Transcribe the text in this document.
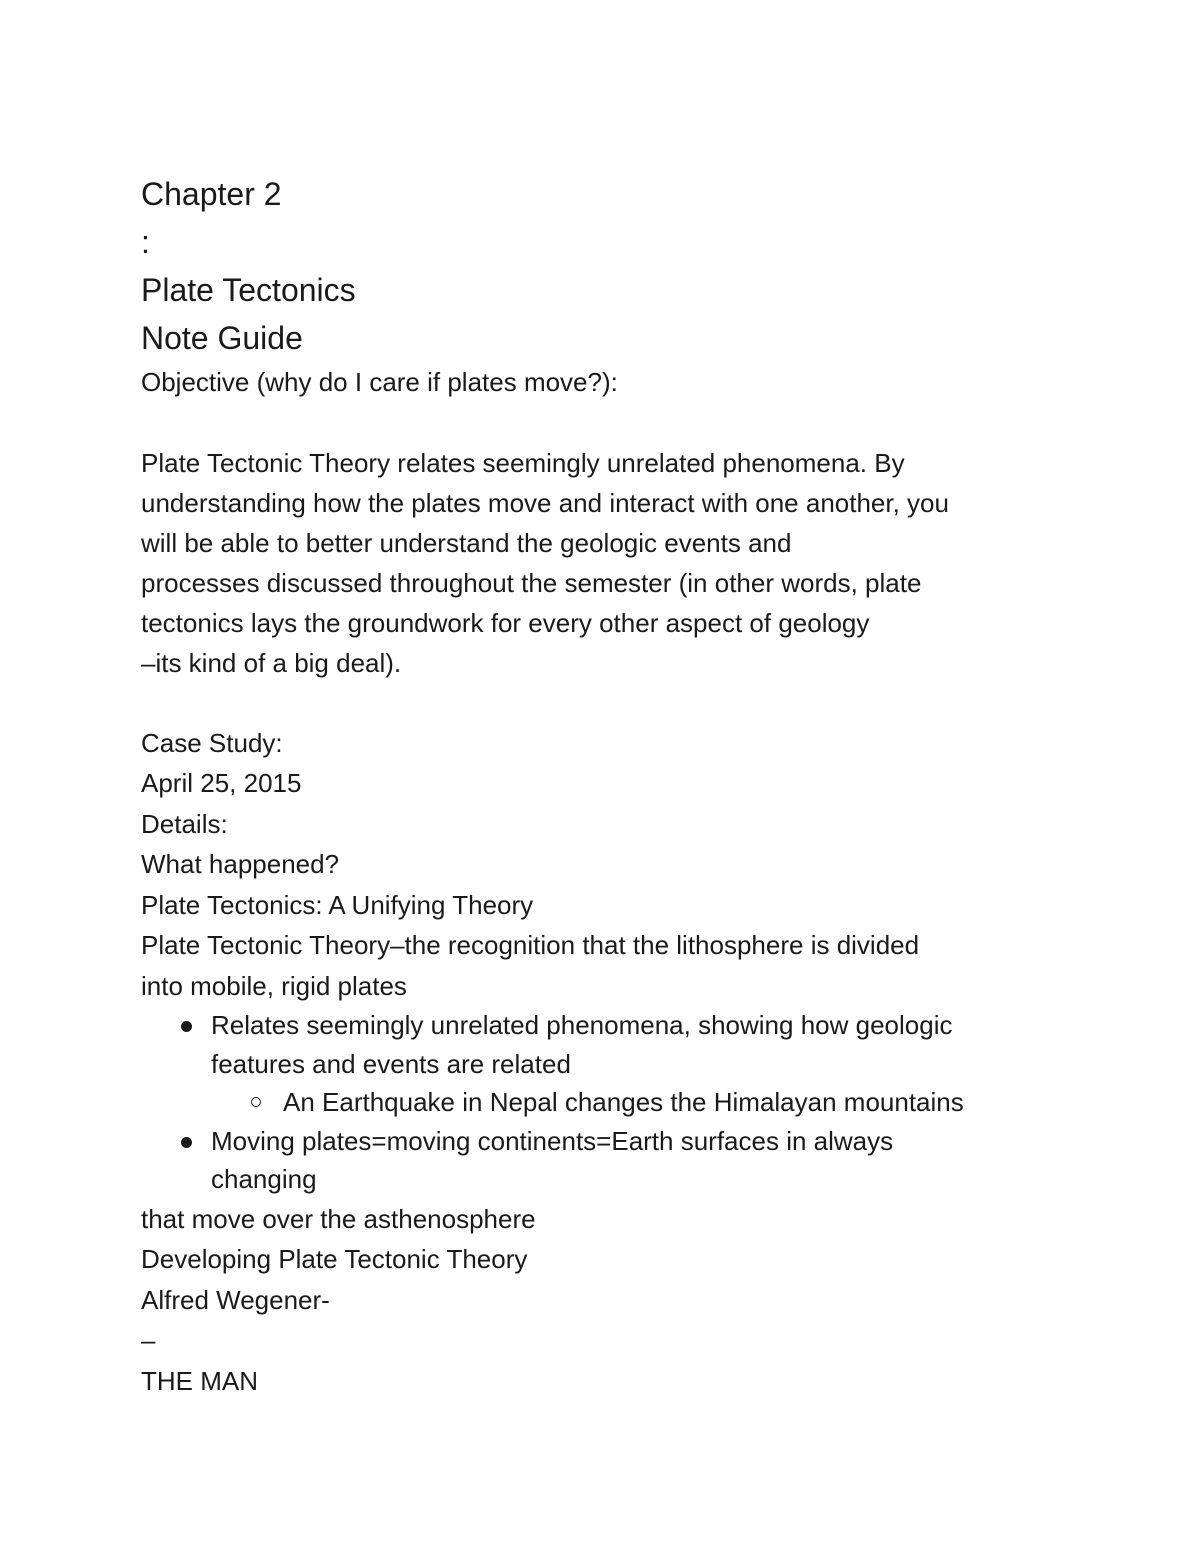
Chapter 2

:

Plate Tectonics

Note Guide

Objective (why do I care if plates move?):

Plate Tectonic Theory relates seemingly unrelated phenomena. By

understanding how the plates move and interact with one another, you

will be able to better understand the geologic events and

processes discussed throughout the semester (in other words, plate

tectonics lays the groundwork for every other aspect of geology

–its kind of a big deal).

Case Study:

April 25, 2015

Details:

What happened?

Plate Tectonics: A Unifying Theory

Plate Tectonic Theory–the recognition that the lithosphere is divided

into mobile, rigid plates

Relates seemingly unrelated phenomena, showing how geologic
features and events are related
An Earthquake in Nepal changes the Himalayan mountains
Moving plates=moving continents=Earth surfaces in always
changing

that move over the asthenosphere

Developing Plate Tectonic Theory

Alfred Wegener-

–

THE MAN
